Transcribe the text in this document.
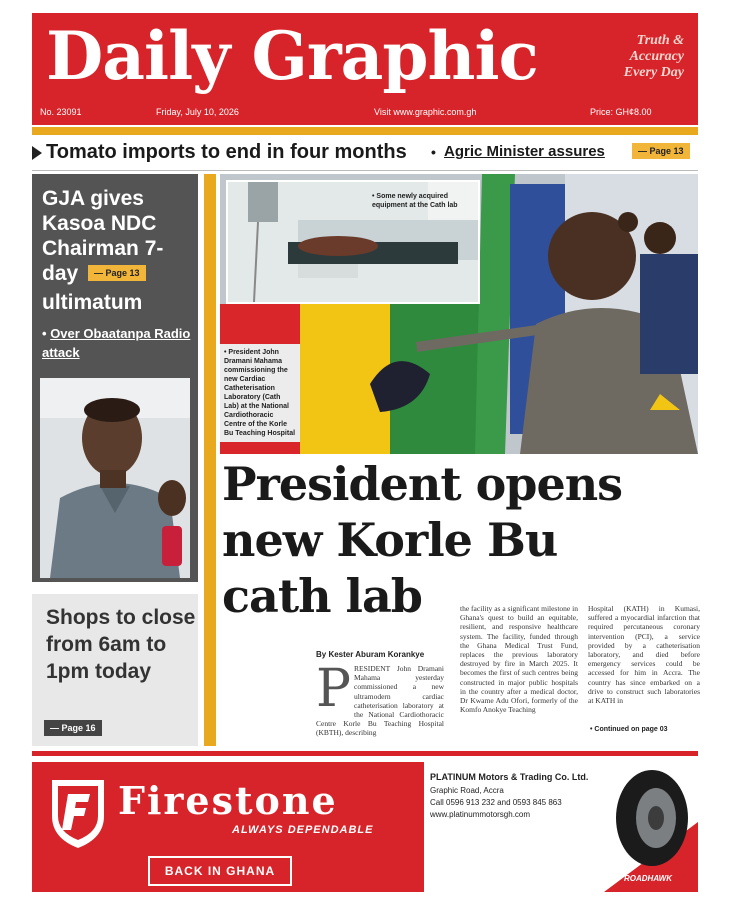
Daily Graphic	Truth &
Accuracy
Every Day
No. 23091	Friday, July 10, 2026	Visit www.graphic.com.gh	Price: GH¢8.00
Tomato imports to end in four months • Agric Minister assures	— Page 13
GJA gives Kasoa NDC Chairman 7-day — Page 13
ultimatum
• Over Obaatanpa Radio attack
Shops to close from 6am to 1pm today
— Page 16
• Some newly acquired equipment at the Cath lab
• President John Dramani Mahama commissioning the new Cardiac Catheterisation Laboratory (Cath Lab) at the National Cardiothoracic Centre of the Korle Bu Teaching Hospital
President opens
new Korle Bu
cath lab
By Kester Aburam Korankye
P RESIDENT John Dramani Mahama yesterday commissioned a new ultramodern cardiac catheterisation laboratory at the National Cardiothoracic Centre Korle Bu Teaching Hospital (KBTH), describing
the facility as a significant milestone in Ghana's quest to build an equitable, resilient, and responsive healthcare system. The facility, funded through the Ghana Medical Trust Fund, replaces the previous laboratory destroyed by fire in March 2025. It becomes the first of such centres being constructed in major public hospitals in the country after a medical doctor, Dr Kwame Adu Ofori, formerly of the Komfo Anokye Teaching
Hospital (KATH) in Kumasi, suffered a myocardial infarction that required percutaneous coronary intervention (PCI), a service provided by a catheterisation laboratory, and died before emergency services could be accessed for him in Accra. The country has since embarked on a drive to construct such laboratories at KATH in
• Continued on page 03
Firestone
ALWAYS DEPENDABLE
BACK IN GHANA
PLATINUM Motors & Trading Co. Ltd.
Graphic Road, Accra
Call 0596 913 232 and 0593 845 863
www.platinummotorsgh.com
ROADHAWK
